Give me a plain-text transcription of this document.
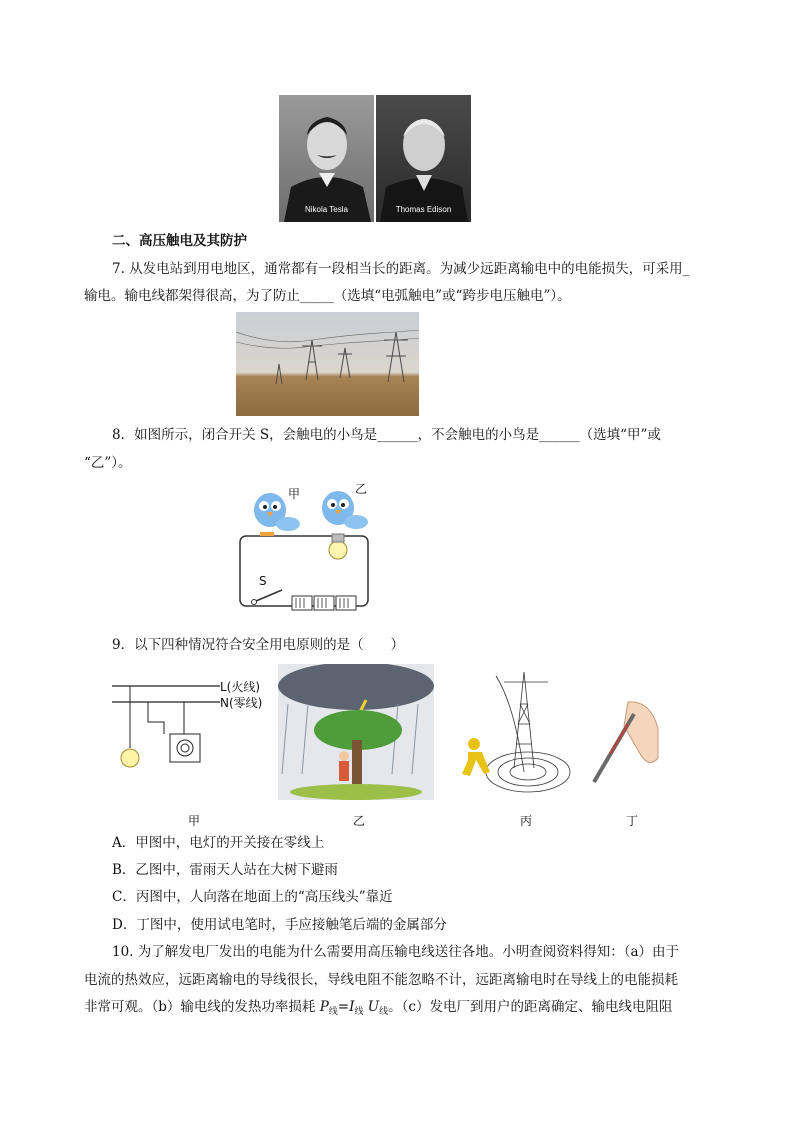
Nikola Tesla	Thomas Edison
二、高压触电及其防护
7. 从发电站到用电地区，通常都有一段相当长的距离。为减少远距离输电中的电能损失，可采用_
输电。输电线都架得很高，为了防止_____（选填“电弧触电”或“跨步电压触电”）。
8．如图所示，闭合开关 S，会触电的小鸟是______，不会触电的小鸟是______（选填“甲”或
“乙”）。
甲	乙
S
9．以下四种情况符合安全用电原则的是（　　）
L(火线)
N(零线)
甲	乙	丙	丁
A．甲图中，电灯的开关接在零线上
B．乙图中，雷雨天人站在大树下避雨
C．丙图中，人向落在地面上的“高压线头”靠近
D．丁图中，使用试电笔时，手应接触笔后端的金属部分
10. 为了解发电厂发出的电能为什么需要用高压输电线送往各地。小明查阅资料得知：（a）由于
电流的热效应，远距离输电的导线很长，导线电阻不能忽略不计，远距离输电时在导线上的电能损耗
非常可观。（b）输电线的发热功率损耗 $P_线=I_线$ $U_线$。（c）发电厂到用户的距离确定、输电线电阻阻
